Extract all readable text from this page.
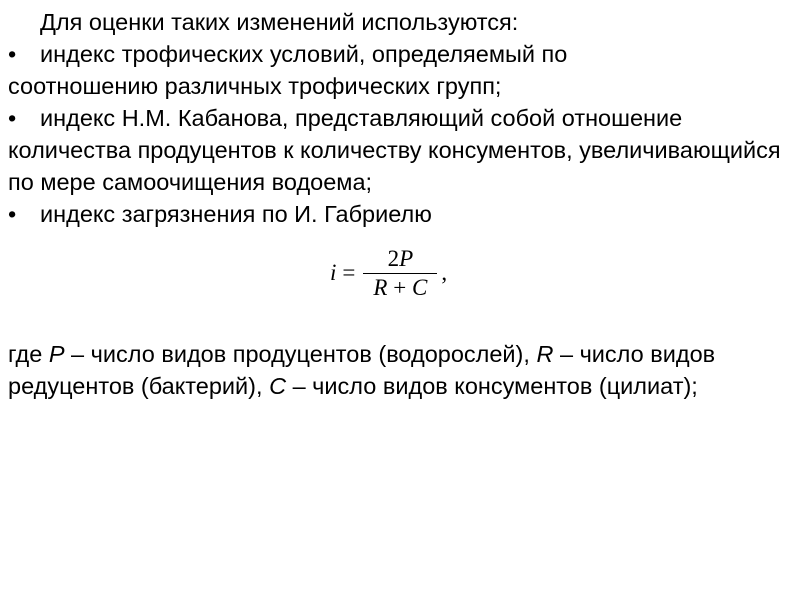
Для оценки таких изменений используются:
•	индекс трофических условий, определяемый по
соотношению различных трофических групп;
•	индекс Н.М. Кабанова, представляющий собой отношение
количества продуцентов к количеству консументов, увеличивающийся по мере самоочищения водоема;
•	индекс загрязнения по И. Габриелю
$i = \frac{2P}{R + C}$ ,
где P – число видов продуцентов (водорослей), R – число видов редуцентов (бактерий), C – число видов консументов (цилиат);
